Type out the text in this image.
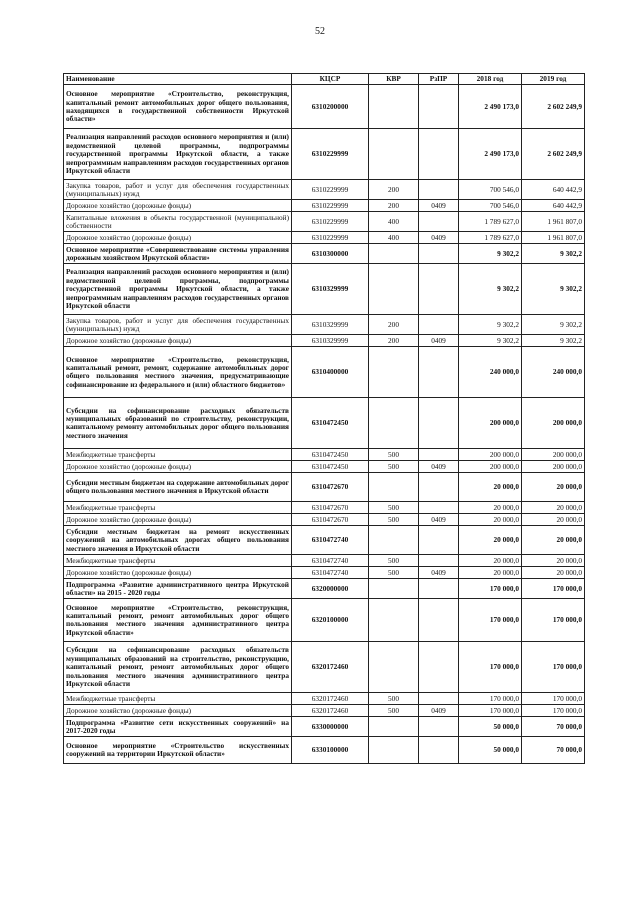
52
Наименование	КЦСР	КВР	РзПР	2018 год	2019 год
Основное мероприятие «Строительство, реконструкция, капитальный ремонт автомобильных дорог общего пользования, находящихся в государственной собственности Иркутской области»	6310200000			2 490 173,0	2 602 249,9
Реализация направлений расходов основного мероприятия и (или) ведомственной целевой программы, подпрограммы государственной программы Иркутской области, а также непрограммным направлениям расходов государственных органов Иркутской области	6310229999			2 490 173,0	2 602 249,9
Закупка товаров, работ и услуг для обеспечения государственных (муниципальных) нужд	6310229999	200		700 546,0	640 442,9
Дорожное хозяйство (дорожные фонды)	6310229999	200	0409	700 546,0	640 442,9
Капитальные вложения в объекты государственной (муниципальной) собственности	6310229999	400		1 789 627,0	1 961 807,0
Дорожное хозяйство (дорожные фонды)	6310229999	400	0409	1 789 627,0	1 961 807,0
Основное мероприятие «Совершенствование системы управления дорожным хозяйством Иркутской области»	6310300000			9 302,2	9 302,2
Реализация направлений расходов основного мероприятия и (или) ведомственной целевой программы, подпрограммы государственной программы Иркутской области, а также непрограммным направлениям расходов государственных органов Иркутской области	6310329999			9 302,2	9 302,2
Закупка товаров, работ и услуг для обеспечения государственных (муниципальных) нужд	6310329999	200		9 302,2	9 302,2
Дорожное хозяйство (дорожные фонды)	6310329999	200	0409	9 302,2	9 302,2
Основное мероприятие «Строительство, реконструкция, капитальный ремонт, ремонт, содержание автомобильных дорог общего пользования местного значения, предусматривающие софинансирование из федерального и (или) областного бюджетов»	6310400000			240 000,0	240 000,0
Субсидии на софинансирование расходных обязательств муниципальных образований по строительству, реконструкции, капитальному ремонту автомобильных дорог общего пользования местного значения	6310472450			200 000,0	200 000,0
Межбюджетные трансферты	6310472450	500		200 000,0	200 000,0
Дорожное хозяйство (дорожные фонды)	6310472450	500	0409	200 000,0	200 000,0
Субсидии местным бюджетам на содержание автомобильных дорог общего пользования местного значения в Иркутской области	6310472670			20 000,0	20 000,0
Межбюджетные трансферты	6310472670	500		20 000,0	20 000,0
Дорожное хозяйство (дорожные фонды)	6310472670	500	0409	20 000,0	20 000,0
Субсидии местным бюджетам на ремонт искусственных сооружений на автомобильных дорогах общего пользования местного значения в Иркутской области	6310472740			20 000,0	20 000,0
Межбюджетные трансферты	6310472740	500		20 000,0	20 000,0
Дорожное хозяйство (дорожные фонды)	6310472740	500	0409	20 000,0	20 000,0
Подпрограмма «Развитие административного центра Иркутской области» на 2015 - 2020 годы	6320000000			170 000,0	170 000,0
Основное мероприятие «Строительство, реконструкция, капитальный ремонт, ремонт автомобильных дорог общего пользования местного значения административного центра Иркутской области»	6320100000			170 000,0	170 000,0
Субсидии на софинансирование расходных обязательств муниципальных образований на строительство, реконструкцию, капитальный ремонт, ремонт автомобильных дорог общего пользования местного значения административного центра Иркутской области	6320172460			170 000,0	170 000,0
Межбюджетные трансферты	6320172460	500		170 000,0	170 000,0
Дорожное хозяйство (дорожные фонды)	6320172460	500	0409	170 000,0	170 000,0
Подпрограмма «Развитие сети искусственных сооружений» на 2017-2020 годы	6330000000			50 000,0	70 000,0
Основное мероприятие «Строительство искусственных сооружений на территории Иркутской области»	6330100000			50 000,0	70 000,0
